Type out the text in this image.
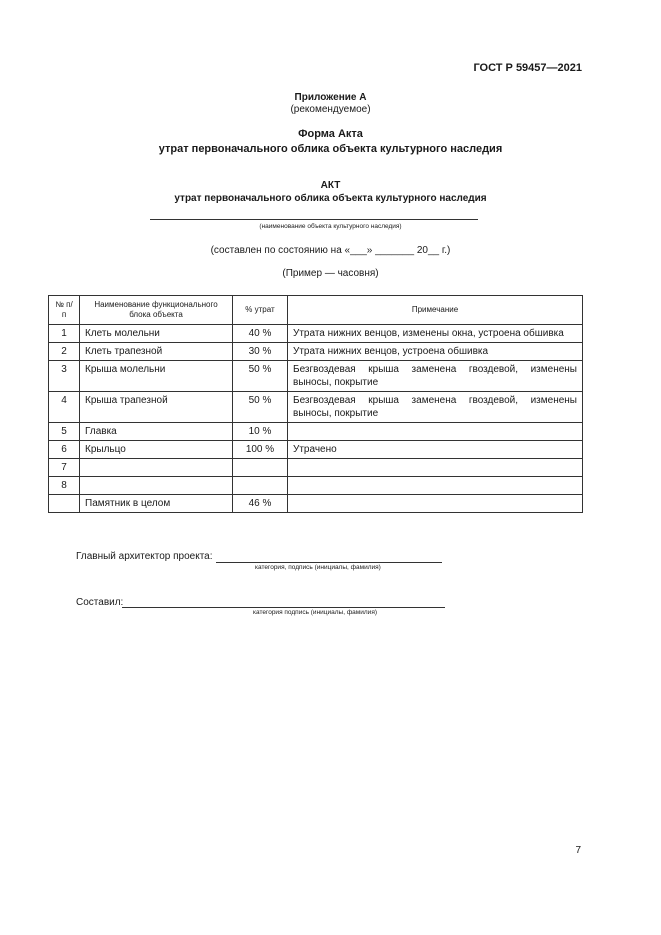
ГОСТ Р 59457—2021
Приложение А
(рекомендуемое)
Форма Акта
утрат первоначального облика объекта культурного наследия
АКТ
утрат первоначального облика объекта культурного наследия
(наименование объекта культурного наследия)
(составлен по состоянию на «___» _______ 20__ г.)
(Пример — часовня)
№ п/п	Наименование функционального блока объекта	% утрат	Примечание
1	Клеть молельни	40 %	Утрата нижних венцов, изменены окна, устроена обшивка
2	Клеть трапезной	30 %	Утрата нижних венцов, устроена обшивка
3	Крыша молельни	50 %	Безгвоздевая крыша заменена гвоздевой, изменены выносы, покрытие
4	Крыша трапезной	50 %	Безгвоздевая крыша заменена гвоздевой, изменены выносы, покрытие
5	Главка	10 %	
6	Крыльцо	100 %	Утрачено
7			
8			
	Памятник в целом	46 %	
Главный архитектор проекта:
категория, подпись (инициалы, фамилия)
Составил:
категория подпись (инициалы, фамилия)
7
